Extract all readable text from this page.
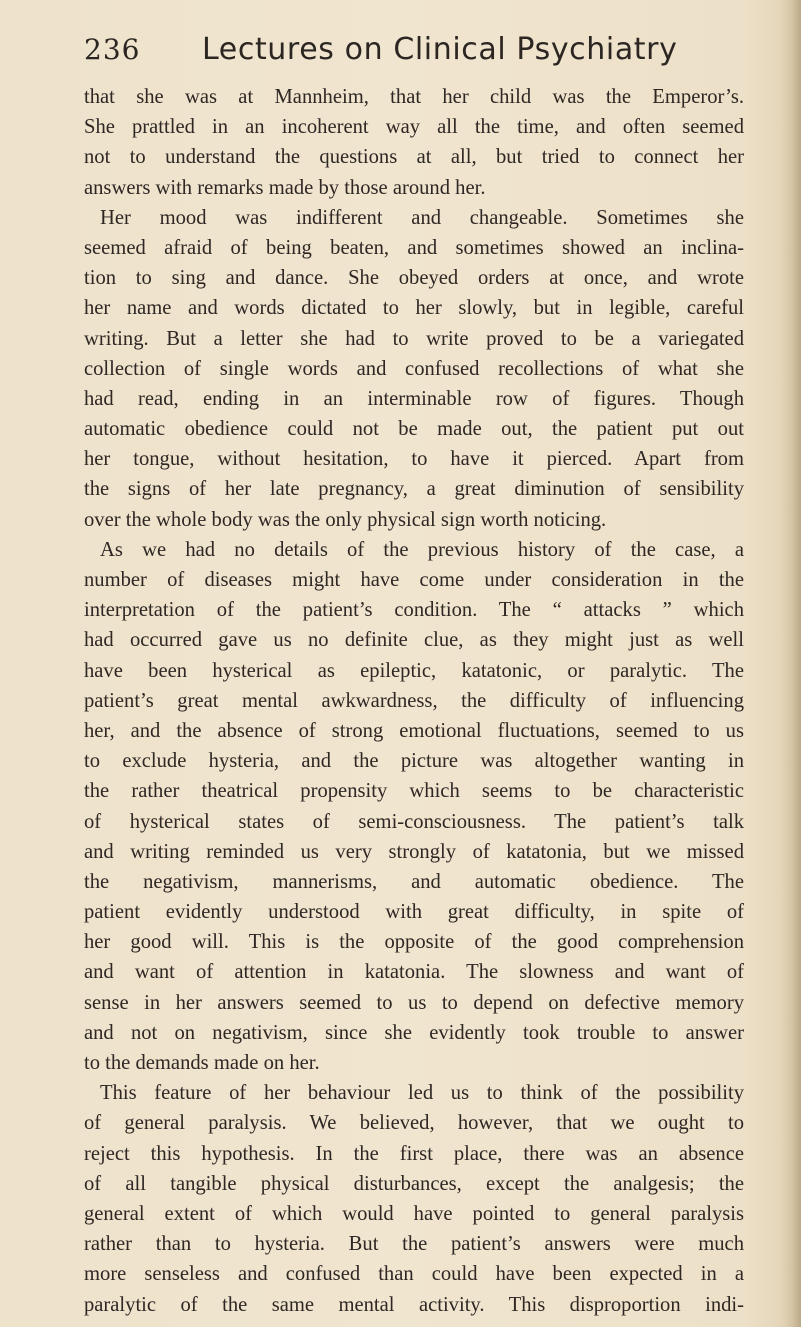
236 Lectures on Clinical Psychiatry
that she was at Mannheim, that her child was the Emperor’s.
She prattled in an incoherent way all the time, and often seemed
not to understand the questions at all, but tried to connect her
answers with remarks made by those around her.
Her mood was indifferent and changeable. Sometimes she
seemed afraid of being beaten, and sometimes showed an inclina-
tion to sing and dance. She obeyed orders at once, and wrote
her name and words dictated to her slowly, but in legible, careful
writing. But a letter she had to write proved to be a variegated
collection of single words and confused recollections of what she
had read, ending in an interminable row of figures. Though
automatic obedience could not be made out, the patient put out
her tongue, without hesitation, to have it pierced. Apart from
the signs of her late pregnancy, a great diminution of sensibility
over the whole body was the only physical sign worth noticing.
As we had no details of the previous history of the case, a
number of diseases might have come under consideration in the
interpretation of the patient’s condition. The “ attacks ” which
had occurred gave us no definite clue, as they might just as well
have been hysterical as epileptic, katatonic, or paralytic. The
patient’s great mental awkwardness, the difficulty of influencing
her, and the absence of strong emotional fluctuations, seemed to us
to exclude hysteria, and the picture was altogether wanting in
the rather theatrical propensity which seems to be characteristic
of hysterical states of semi-consciousness. The patient’s talk
and writing reminded us very strongly of katatonia, but we missed
the negativism, mannerisms, and automatic obedience. The
patient evidently understood with great difficulty, in spite of
her good will. This is the opposite of the good comprehension
and want of attention in katatonia. The slowness and want of
sense in her answers seemed to us to depend on defective memory
and not on negativism, since she evidently took trouble to answer
to the demands made on her.
This feature of her behaviour led us to think of the possibility
of general paralysis. We believed, however, that we ought to
reject this hypothesis. In the first place, there was an absence
of all tangible physical disturbances, except the analgesis; the
general extent of which would have pointed to general paralysis
rather than to hysteria. But the patient’s answers were much
more senseless and confused than could have been expected in a
paralytic of the same mental activity. This disproportion indi-
